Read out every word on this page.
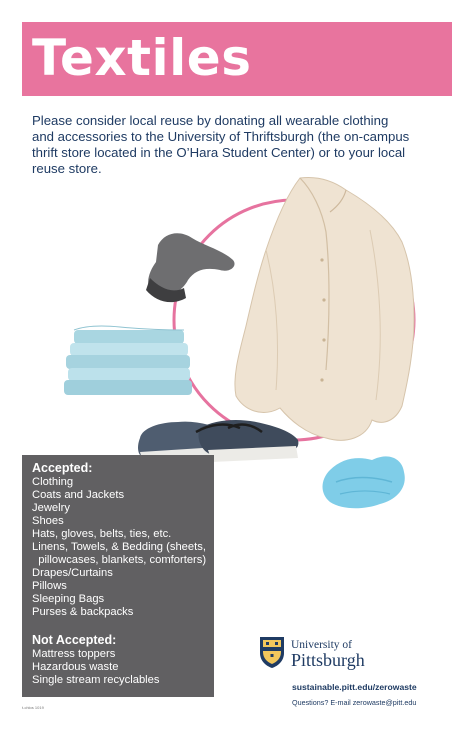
Textiles

Please consider local reuse by donating all wearable clothing

and accessories to the University of Thriftsburgh (the on-campus

thrift store located in the O’Hara Student Center) or to your local

reuse store.

Accepted:
Clothing
Coats and Jackets
Jewelry
Shoes
Hats, gloves, belts, ties, etc.
Linens, Towels, & Bedding (sheets,
pillowcases, blankets, comforters)
Drapes/Curtains
Pillows
Sleeping Bags
Purses & backpacks
Not Accepted:
Mattress toppers
Hazardous waste
Single stream recyclables
University of
Pittsburgh
sustainable.pitt.edu/zerowaste
Questions? E-mail zerowaste@pitt.edu
t-chlos 1019
